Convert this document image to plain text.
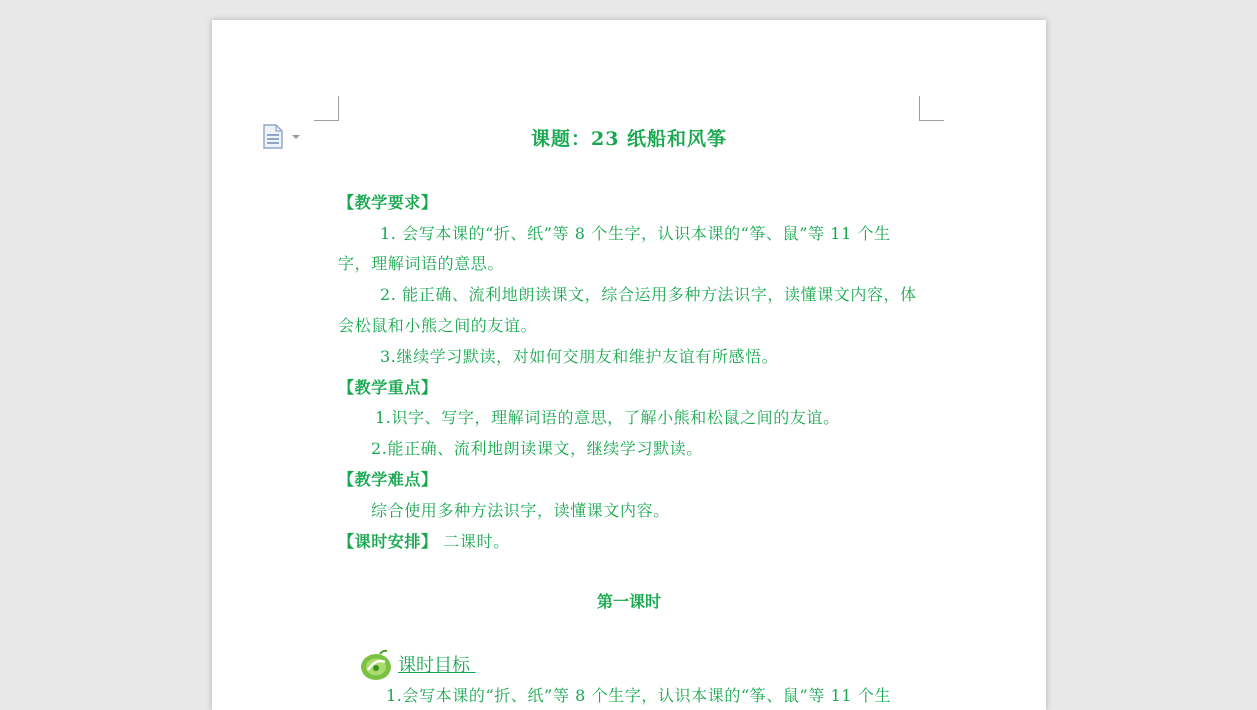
课题：23 纸船和风筝
【教学要求】
1. 会写本课的“折、纸”等 8 个生字，认识本课的“筝、鼠”等 11 个生
字，理解词语的意思。
2. 能正确、流利地朗读课文，综合运用多种方法识字，读懂课文内容，体
会松鼠和小熊之间的友谊。
3.继续学习默读，对如何交朋友和维护友谊有所感悟。
【教学重点】
1.识字、写字，理解词语的意思，了解小熊和松鼠之间的友谊。
2.能正确、流利地朗读课文，继续学习默读。
【教学难点】
综合使用多种方法识字，读懂课文内容。
【课时安排】 二课时。
第一课时
课时目标
1.会写本课的“折、纸”等 8 个生字，认识本课的“筝、鼠”等 11 个生
